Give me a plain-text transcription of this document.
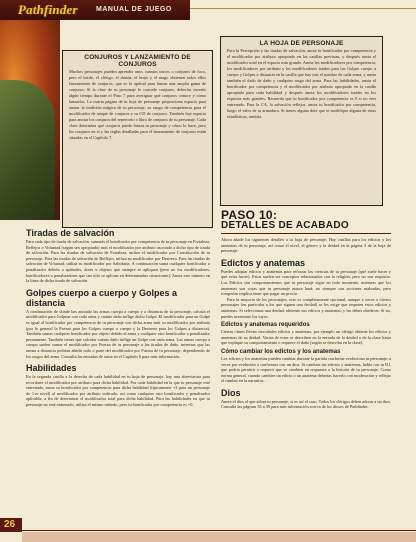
Pathfinder	MANUAL DE JUEGO
CONJUROS Y LANZAMIENTO DE CONJUROS

Muchos personajes pueden aprender unos cuantos trucos o conjuros de foco, pero el bardo, el clérigo, el druida, el brujo y el mago obtienen todos ellos lanzamiento de conjuros, que es la aptitud para lanzar una amplia gama de conjuros. Si la clase de tu personaje le concede conjuros, deberías invertir algún tiempo durante el Paso 7 para averiguar qué conjuros conoce y cómo lanzarlos. La cuarta página de tu hoja de personaje proporciona espacio para anotar la tradición mágica de tu personaje, su rango de competencia para el modificador de ataque de conjuros y su CD de conjuros. También hay espacio para anotar los conjuros del repertorio o libro de conjuros de tu personaje. Cada clase determina qué conjuros puede lanzar tu personaje y cómo lo hace, pero los conjuros en sí y las reglas detalladas para el lanzamiento de conjuros están situadas en el Capítulo 7.

LA HOJA DE PERSONAJE

Para la Percepción y las tiradas de salvación, anota tu bonificador por competencia y el modificador por atributo apropiado en las casillas previstas, y después anota el modificador total en el espacio más grande. Anota los modificadores por competencia, los modificadores por atributo y los modificadores totales para tus Golpes cuerpo a cuerpo y Golpes a distancia en la casilla que hay tras el nombre de cada arma, y anota también el dado de daño y cualquier rasgo del arma. Para las habilidades, anota el bonificador por competencia y el modificador por atributo apropiado en la casilla apropiada para cada habilidad y después anota los modificadores totales en los espacios más grandes. Recuerda que tu bonificador por competencia es 0 si no eres entrenado. Para la CA, la salvación reflejos, anota tu bonificador por competencia, luego el valor de tu armadura. Si tienes alguna dote que te modifique alguna de estas estadísticas, anótala.

Tiradas de salvación
Para cada tipo de tirada de salvación, sumarás el bonificador por competencia de tu personaje en Fortaleza, Reflejos o Voluntad (según sea apropiado) más el modificador por atributo asociado a dicho tipo de tirada de salvación. Para las tiradas de salvación de Fortaleza, utiliza el modificador por Constitución de tu personaje. Para las tiradas de salvación de Reflejos, utiliza su modificador por Destreza. Para las tiradas de salvación de Voluntad, utiliza su modificador por Sabiduría. A continuación suma cualquier bonificador o penalizador debido a aptitudes, dotes u objetos que siempre se apliquen (pero no los modificadores, bonificadores o penalizadores que tan sólo se aplican en determinadas situaciones). Anota este número en la línea de dicha tirada de salvación.
Golpes cuerpo a cuerpo y Golpes a distancia
A continuación de donde has anotado las armas cuerpo a cuerpo y a distancia de tu personaje, calcula el modificador para Golpear con cada arma y cuánto daño inflige dicho Golpe. El modificador para un Golpe es igual al bonificador por competencia de tu personaje con dicha arma más su modificador por atributo (por lo general la Fuerza para los Golpes cuerpo a cuerpo y la Destreza para los Golpes a distancia). También sumas cualquier bonificador por objeto debido al arma y cualquier otro bonificador o penalizador permanente. También tienes que calcular cuánto daño inflige un Golpe con cada arma. Las armas cuerpo a cuerpo suelen sumar el modificador por Fuerza de tu personaje a las tiradas de daño, mientras que las armas a distancia podrían añadir todo o parte del modificador por Fuerza de tu personaje, dependiendo de los rasgos del arma. Consulta las entradas de arma en el Capítulo 6 para más información.
Habilidades
En la segunda casilla a la derecha de cada habilidad en tu hoja de personaje, hay una abreviatura para recordarte el modificador por atributo para dicha habilidad. Por cada habilidad en la que tu personaje esté entrenado, suma su bonificador por competencia para dicha habilidad (típicamente +3 para un personaje de 1.er nivel) al modificador por atributo indicado, así como cualquier otro bonificador y penalizador aplicable, a fin de determinar el modificador total para dicha habilidad. Para las habilidades en que tu personaje no está entrenado, utiliza el mismo método, pero tu bonificador por competencia es +0.
PASO 10:
DETALLES DE ACABADO
Ahora añade los siguientes detalles a tu hoja de personaje. Hay casillas para los edictos y los anatemas de tu personaje, así como el nivel, el género y la deidad en la página 3 de la hoja de personaje.
Edictos y anatemas
Puedes adoptar edictos y anatemas para reforzar los ciencias de tu personaje (qué suele hacer y qué evita hacer). Estos suelen ser conceptos relacionados con la religión, pero no son requisito. Los Edictos son comportamientos que tu personaje sigue en todo momento, mientras que los anatemas son cosas que tu personaje nunca hará; no siempre son acciones malvadas, pero romperlas implica tener que pagar un precio.
Para la mayoría de los personajes, esto es completamente opcional, aunque a veces a ciertos personajes (en particular a los que siguen una deidad) se les exige que respeten estos edictos y anatemas. Si seleccionas una deidad, obtienes sus edictos y anatemas, y las debes obedecer. Si no, puedes inventarte los tuyos.
Edictos y anatemas requeridos
Ciertas clases llevan vinculados edictos y anatemas, por ejemplo un clérigo obtiene los edictos y anatemas de su deidad. Varias de estas se describen en la entrada de la deidad o de la clase hasta que explique su comportamiento o requiere el daño (según se describa en la clase).
Cómo cambiar los edictos y los anatemas
Los edictos y los anatemas pueden cambiar durante la partida conforme evoluciona tu personaje; a veces por evolución o confrontar con un dios. Si cambias tus edictos y anatemas, habla con tu DJ, que podría permitir o requerir que se cambien en respuesta a la historia de tu personaje. Como norma general, cuando cambies un edicto o un anatema deberías hacerlo con moderación y reflejar el cambio en la narrativa.
Dios
Anota el dios al que adora tu personaje, si es así el caso. Todos los clérigos deben adorar a un dios. Consulta las páginas 35 a 39 para más información acerca de los dioses de Pathfinder.
26
